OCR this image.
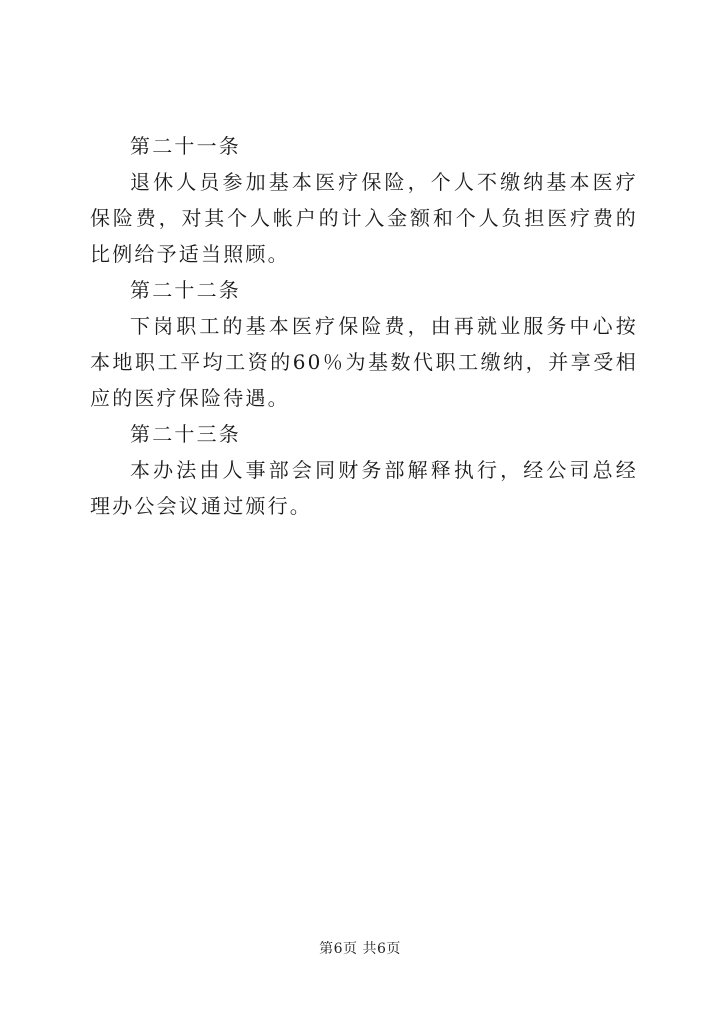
第二十一条

退休人员参加基本医疗保险，个人不缴纳基本医疗保险费，对其个人帐户的计入金额和个人负担医疗费的比例给予适当照顾。

第二十二条

下岗职工的基本医疗保险费，由再就业服务中心按本地职工平均工资的60％为基数代职工缴纳，并享受相应的医疗保险待遇。

第二十三条

本办法由人事部会同财务部解释执行，经公司总经理办公会议通过颁行。

第6页 共6页
